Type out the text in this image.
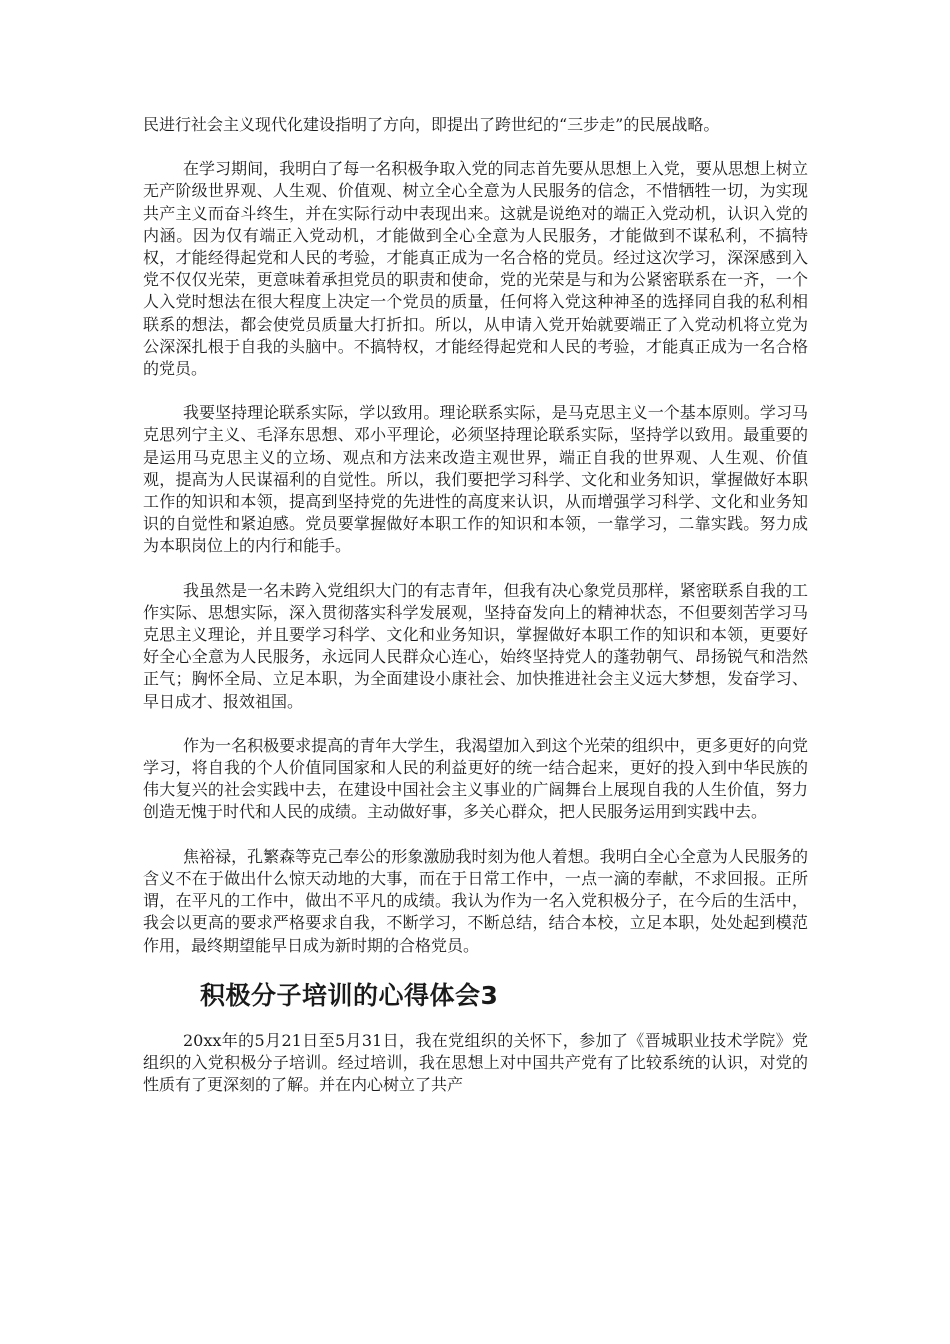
民进行社会主义现代化建设指明了方向，即提出了跨世纪的“三步走”的民展战略。

在学习期间，我明白了每一名积极争取入党的同志首先要从思想上入党，要从思想上树立无产阶级世界观、人生观、价值观、树立全心全意为人民服务的信念，不惜牺牲一切，为实现共产主义而奋斗终生，并在实际行动中表现出来。这就是说绝对的端正入党动机，认识入党的内涵。因为仅有端正入党动机，才能做到全心全意为人民服务，才能做到不谋私利，不搞特权，才能经得起党和人民的考验，才能真正成为一名合格的党员。经过这次学习，深深感到入党不仅仅光荣，更意味着承担党员的职责和使命，党的光荣是与和为公紧密联系在一齐，一个人入党时想法在很大程度上决定一个党员的质量，任何将入党这种神圣的选择同自我的私利相联系的想法，都会使党员质量大打折扣。所以，从申请入党开始就要端正了入党动机将立党为公深深扎根于自我的头脑中。不搞特权，才能经得起党和人民的考验，才能真正成为一名合格的党员。

我要坚持理论联系实际，学以致用。理论联系实际，是马克思主义一个基本原则。学习马克思列宁主义、毛泽东思想、邓小平理论，必须坚持理论联系实际，坚持学以致用。最重要的是运用马克思主义的立场、观点和方法来改造主观世界，端正自我的世界观、人生观、价值观，提高为人民谋福利的自觉性。所以，我们要把学习科学、文化和业务知识，掌握做好本职工作的知识和本领，提高到坚持党的先进性的高度来认识，从而增强学习科学、文化和业务知识的自觉性和紧迫感。党员要掌握做好本职工作的知识和本领，一靠学习，二靠实践。努力成为本职岗位上的内行和能手。

我虽然是一名未跨入党组织大门的有志青年，但我有决心象党员那样，紧密联系自我的工作实际、思想实际，深入贯彻落实科学发展观，坚持奋发向上的精神状态，不但要刻苦学习马克思主义理论，并且要学习科学、文化和业务知识，掌握做好本职工作的知识和本领，更要好好全心全意为人民服务，永远同人民群众心连心，始终坚持党人的蓬勃朝气、昂扬锐气和浩然正气；胸怀全局、立足本职，为全面建设小康社会、加快推进社会主义远大梦想，发奋学习、早日成才、报效祖国。

作为一名积极要求提高的青年大学生，我渴望加入到这个光荣的组织中，更多更好的向党学习，将自我的个人价值同国家和人民的利益更好的统一结合起来，更好的投入到中华民族的伟大复兴的社会实践中去，在建设中国社会主义事业的广阔舞台上展现自我的人生价值，努力创造无愧于时代和人民的成绩。主动做好事，多关心群众，把人民服务运用到实践中去。

焦裕禄，孔繁森等克己奉公的形象激励我时刻为他人着想。我明白全心全意为人民服务的含义不在于做出什么惊天动地的大事，而在于日常工作中，一点一滴的奉献，不求回报。正所谓，在平凡的工作中，做出不平凡的成绩。我认为作为一名入党积极分子，在今后的生活中，我会以更高的要求严格要求自我，不断学习，不断总结，结合本校，立足本职，处处起到模范作用，最终期望能早日成为新时期的合格党员。

积极分子培训的心得体会3

20xx年的5月21日至5月31日，我在党组织的关怀下，参加了《晋城职业技术学院》党组织的入党积极分子培训。经过培训，我在思想上对中国共产党有了比较系统的认识，对党的性质有了更深刻的了解。并在内心树立了共产
